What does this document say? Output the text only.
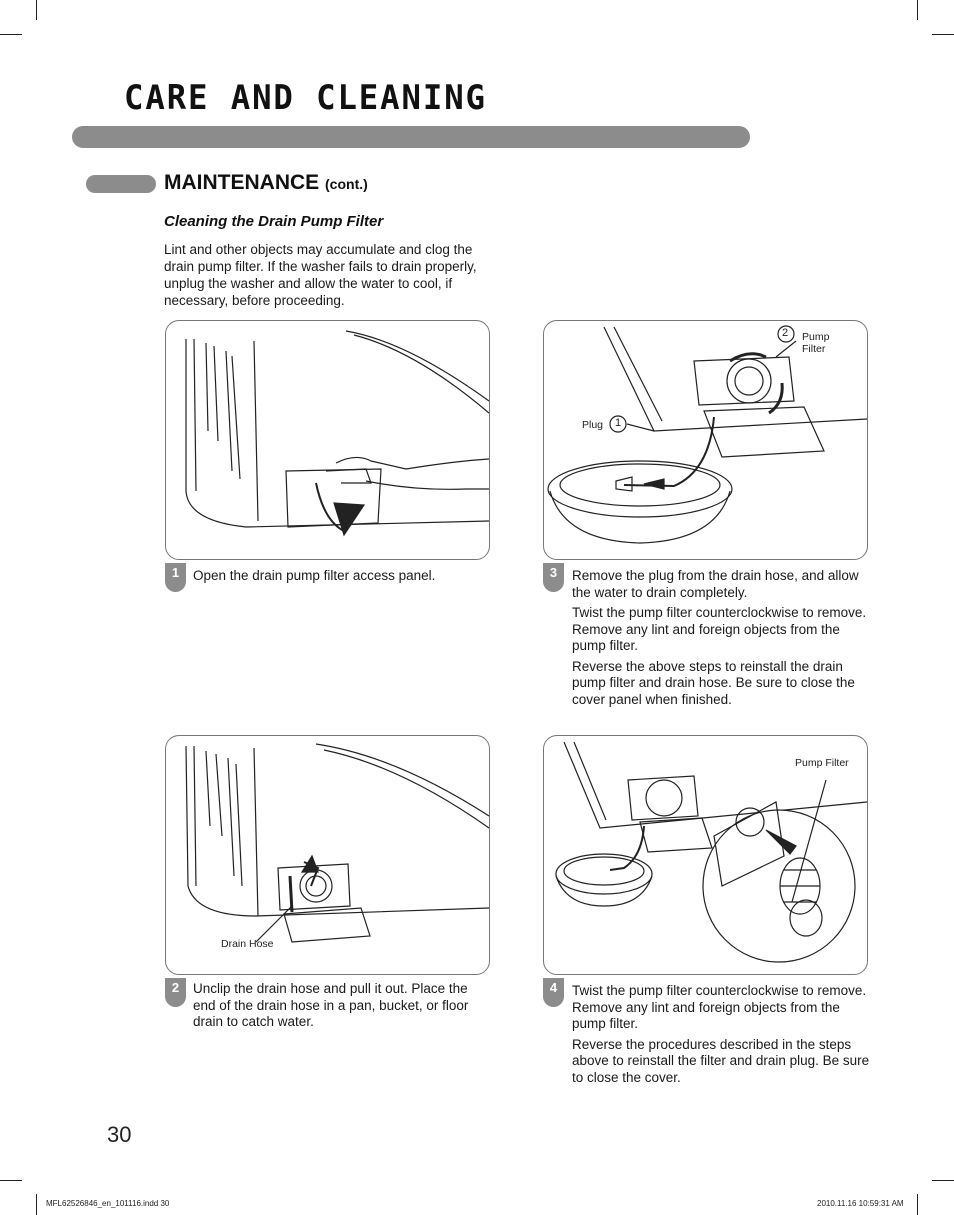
CARE AND CLEANING
MAINTENANCE (cont.)
Cleaning the Drain Pump Filter
Lint and other objects may accumulate and clog the drain pump filter. If the washer fails to drain properly, unplug the washer and allow the water to cool, if necessary, before proceeding.
1	Open the drain pump filter access panel.

2
1
Pump
Filter
Plug
3	Remove the plug from the drain hose, and allow the water to drain completely.

Twist the pump filter counterclockwise to remove. Remove any lint and foreign objects from the pump filter.

Reverse the above steps to reinstall the drain pump filter and drain hose. Be sure to close the cover panel when finished.

Drain Hose
2	Unclip the drain hose and pull it out. Place the end of the drain hose in a pan, bucket, or floor drain to catch water.

Pump Filter
4	Twist the pump filter counterclockwise to remove. Remove any lint and foreign objects from the pump filter.

Reverse the procedures described in the steps above to reinstall the filter and drain plug. Be sure to close the cover.

30
MFL62526846_en_101116.indd 30	2010.11.16 10:59:31 AM
